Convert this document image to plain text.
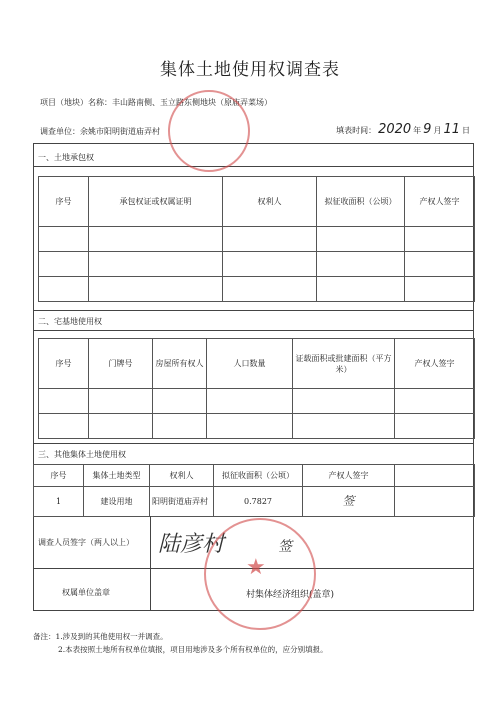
集体土地使用权调查表
项目（地块）名称：丰山路南侧、玉立路东侧地块（原庙弄菜场）
调查单位：余姚市阳明街道庙弄村	填表时间： 2020 年 9 月 11 日
一、土地承包权
序号	承包权证或权属证明	权利人	拟征收面积（公顷）	产权人签字

二、宅基地使用权
序号	门牌号	房屋所有权人	人口数量	证载面积或批建面积（平方米）	产权人签字

三、其他集体土地使用权
序号	集体土地类型	权利人	拟征收面积（公顷）	产权人签字	
1	建设用地	阳明街道庙弄村	0.7827	签	
调查人员签字（两人以上） 陆彦村	签
权属单位盖章	村集体经济组织(盖章)
★
备注：1.涉及到的其他使用权一并调查。
2.本表按照土地所有权单位填报，项目用地涉及多个所有权单位的，应分别填报。
